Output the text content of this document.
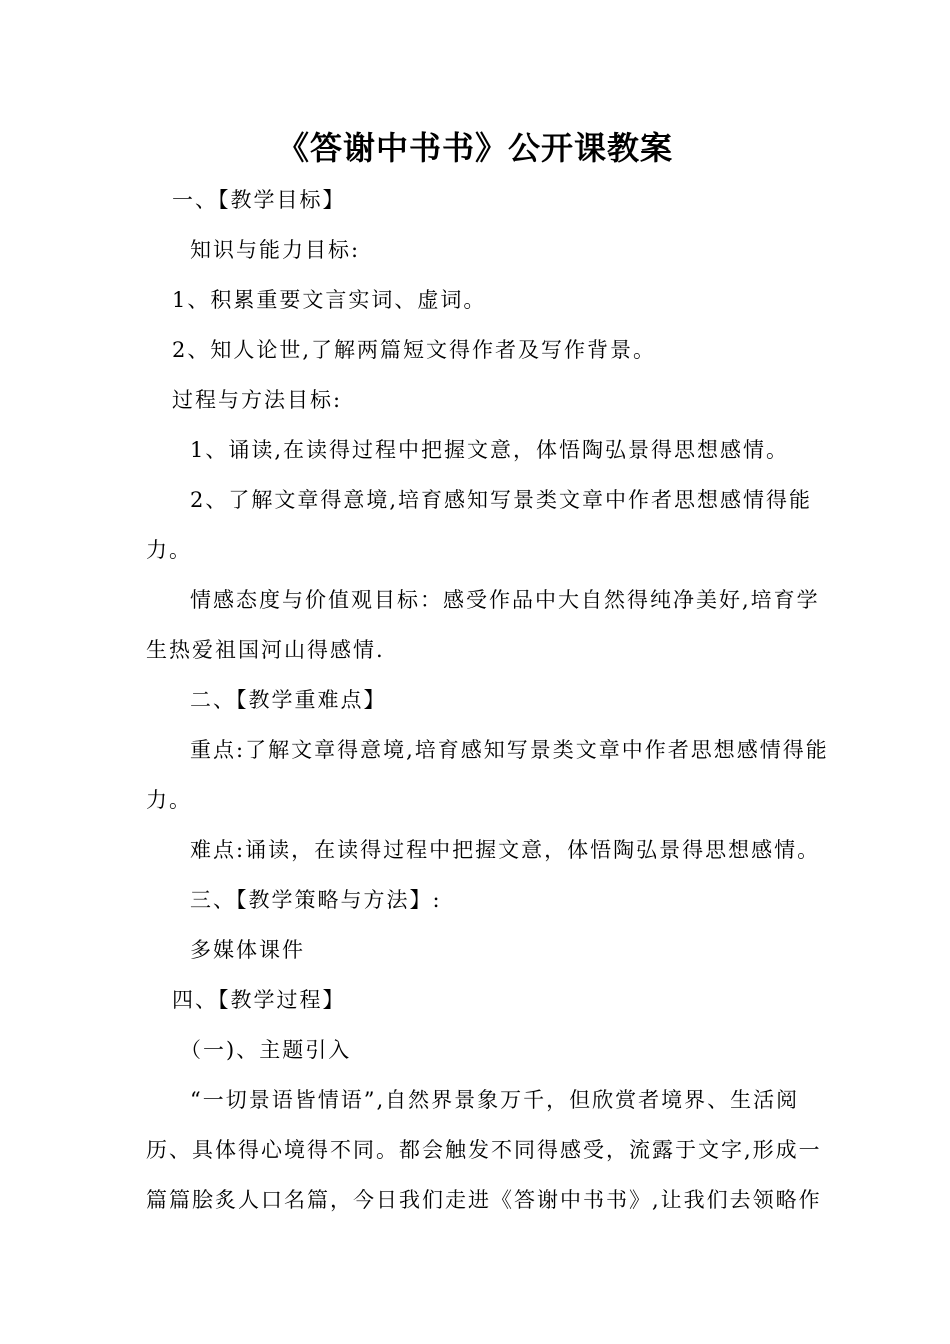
《答谢中书书》公开课教案

一、【教学目标】

知识与能力目标:

1、积累重要文言实词、虚词。

2、知人论世,了解两篇短文得作者及写作背景。

过程与方法目标:

1、诵读,在读得过程中把握文意，体悟陶弘景得思想感情。

2、了解文章得意境,培育感知写景类文章中作者思想感情得能

力。

情感态度与价值观目标：感受作品中大自然得纯净美好,培育学

生热爱祖国河山得感情.

二、【教学重难点】

重点:了解文章得意境,培育感知写景类文章中作者思想感情得能

力。

难点:诵读，在读得过程中把握文意，体悟陶弘景得思想感情。

三、【教学策略与方法】:

多媒体课件

四、【教学过程】

（一)、主题引入

“一切景语皆情语”,自然界景象万千，但欣赏者境界、生活阅

历、具体得心境得不同。都会触发不同得感受，流露于文字,形成一

篇篇脍炙人口名篇，今日我们走进《答谢中书书》,让我们去领略作
